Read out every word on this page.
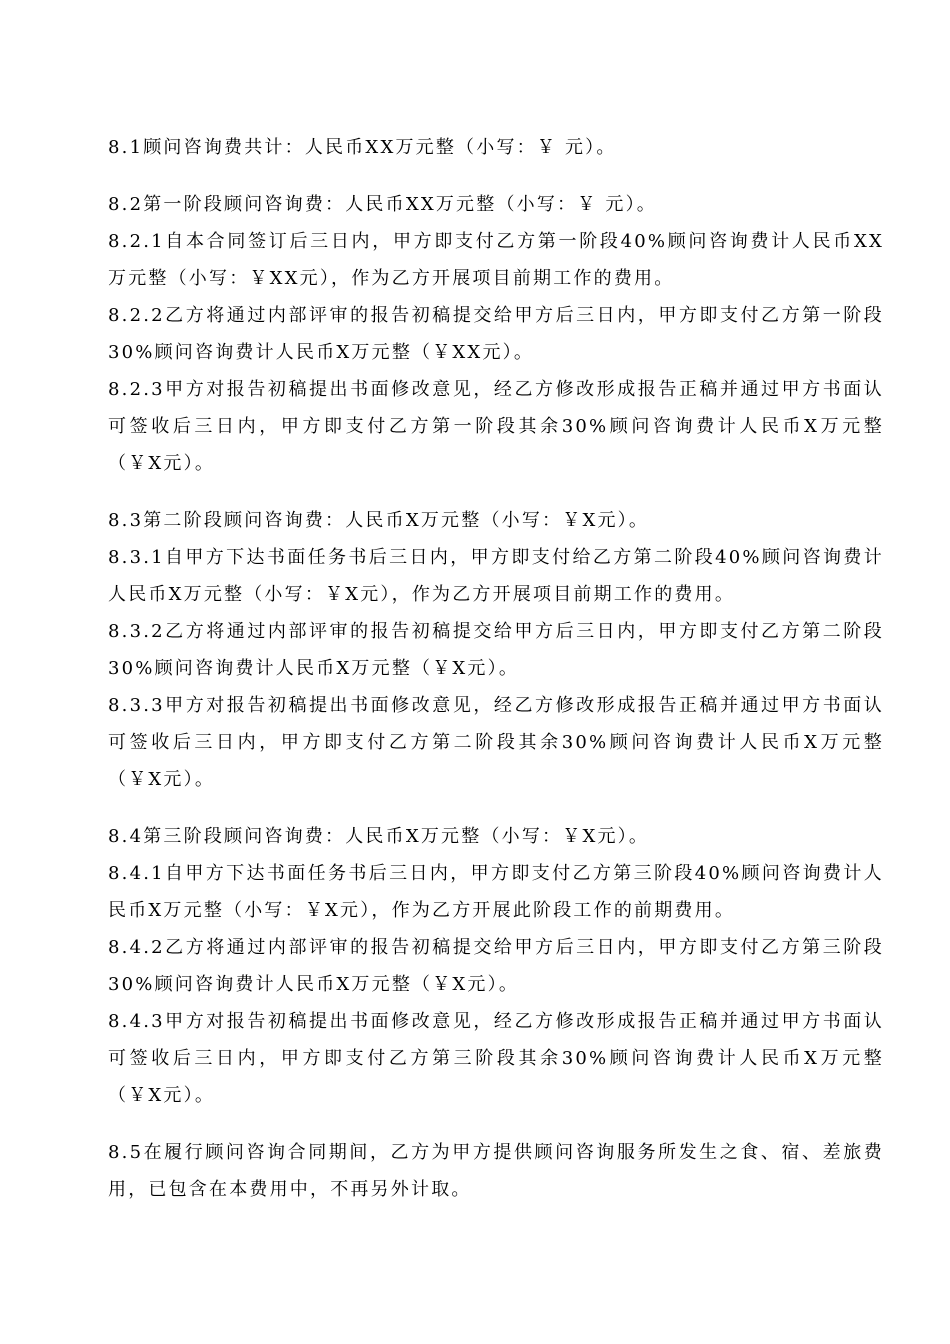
8.1顾问咨询费共计：人民币XX万元整（小写：￥ 元）。

8.2第一阶段顾问咨询费：人民币XX万元整（小写：￥ 元）。

8.2.1自本合同签订后三日内，甲方即支付乙方第一阶段40%顾问咨询费计人民币XX万元整（小写：￥XX元），作为乙方开展项目前期工作的费用。

8.2.2乙方将通过内部评审的报告初稿提交给甲方后三日内，甲方即支付乙方第一阶段30%顾问咨询费计人民币X万元整（￥XX元）。

8.2.3甲方对报告初稿提出书面修改意见，经乙方修改形成报告正稿并通过甲方书面认可签收后三日内，甲方即支付乙方第一阶段其余30%顾问咨询费计人民币X万元整（￥X元）。

8.3第二阶段顾问咨询费：人民币X万元整（小写：￥X元）。

8.3.1自甲方下达书面任务书后三日内，甲方即支付给乙方第二阶段40%顾问咨询费计人民币X万元整（小写：￥X元），作为乙方开展项目前期工作的费用。

8.3.2乙方将通过内部评审的报告初稿提交给甲方后三日内，甲方即支付乙方第二阶段30%顾问咨询费计人民币X万元整（￥X元）。

8.3.3甲方对报告初稿提出书面修改意见，经乙方修改形成报告正稿并通过甲方书面认可签收后三日内，甲方即支付乙方第二阶段其余30%顾问咨询费计人民币X万元整（￥X元）。

8.4第三阶段顾问咨询费：人民币X万元整（小写：￥X元）。

8.4.1自甲方下达书面任务书后三日内，甲方即支付乙方第三阶段40%顾问咨询费计人民币X万元整（小写：￥X元），作为乙方开展此阶段工作的前期费用。

8.4.2乙方将通过内部评审的报告初稿提交给甲方后三日内，甲方即支付乙方第三阶段30%顾问咨询费计人民币X万元整（￥X元）。

8.4.3甲方对报告初稿提出书面修改意见，经乙方修改形成报告正稿并通过甲方书面认可签收后三日内，甲方即支付乙方第三阶段其余30%顾问咨询费计人民币X万元整（￥X元）。

8.5在履行顾问咨询合同期间，乙方为甲方提供顾问咨询服务所发生之食、宿、差旅费用，已包含在本费用中，不再另外计取。
